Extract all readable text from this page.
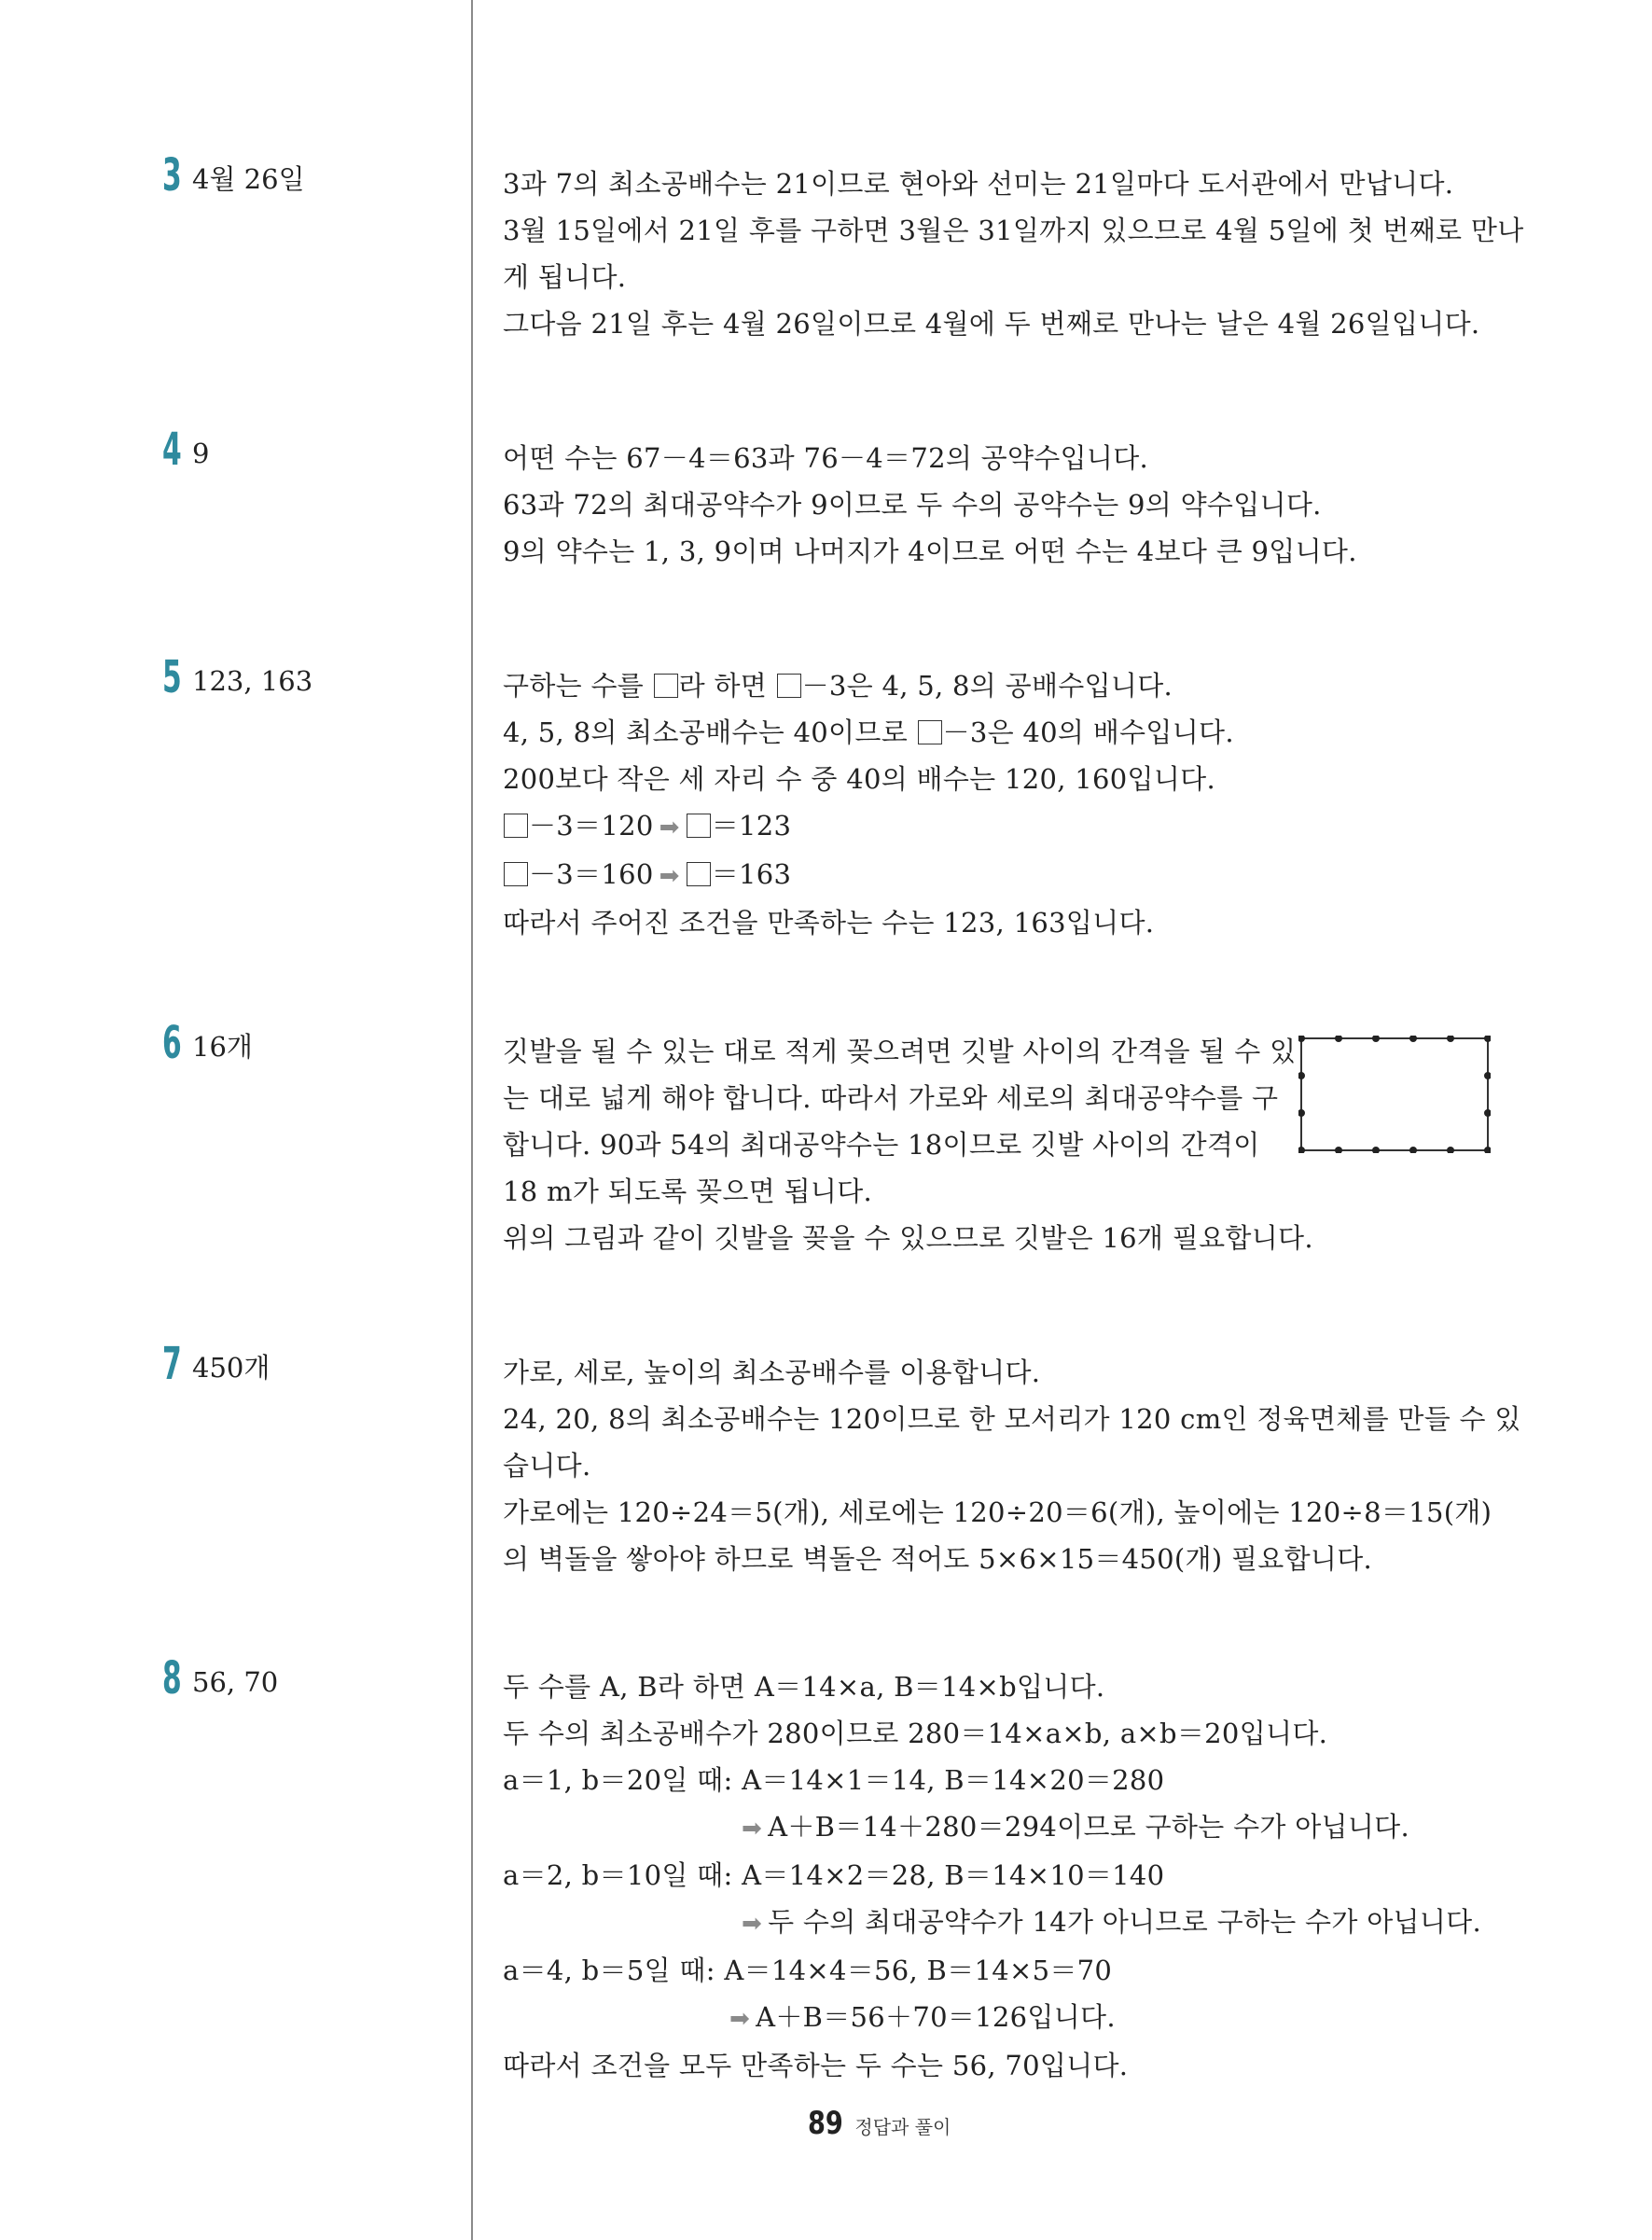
3 4월 26일	3과 7의 최소공배수는 21이므로 현아와 선미는 21일마다 도서관에서 만납니다.
3월 15일에서 21일 후를 구하면 3월은 31일까지 있으므로 4월 5일에 첫 번째로 만나
게 됩니다.
그다음 21일 후는 4월 26일이므로 4월에 두 번째로 만나는 날은 4월 26일입니다.
4 9	어떤 수는 67－4＝63과 76－4＝72의 공약수입니다.
63과 72의 최대공약수가 9이므로 두 수의 공약수는 9의 약수입니다.
9의 약수는 1, 3, 9이며 나머지가 4이므로 어떤 수는 4보다 큰 9입니다.
5 123, 163	구하는 수를 라 하면 －3은 4, 5, 8의 공배수입니다.
4, 5, 8의 최소공배수는 40이므로 －3은 40의 배수입니다.
200보다 작은 세 자리 수 중 40의 배수는 120, 160입니다.
－3＝120 ➡ ＝123
－3＝160 ➡ ＝163
따라서 주어진 조건을 만족하는 수는 123, 163입니다.
6 16개	깃발을 될 수 있는 대로 적게 꽂으려면 깃발 사이의 간격을 될 수 있
는 대로 넓게 해야 합니다. 따라서 가로와 세로의 최대공약수를 구
합니다. 90과 54의 최대공약수는 18이므로 깃발 사이의 간격이
18 m가 되도록 꽂으면 됩니다.
위의 그림과 같이 깃발을 꽂을 수 있으므로 깃발은 16개 필요합니다.
7 450개	가로, 세로, 높이의 최소공배수를 이용합니다.
24, 20, 8의 최소공배수는 120이므로 한 모서리가 120 cm인 정육면체를 만들 수 있
습니다.
가로에는 120÷24＝5(개), 세로에는 120÷20＝6(개), 높이에는 120÷8＝15(개)
의 벽돌을 쌓아야 하므로 벽돌은 적어도 5×6×15＝450(개) 필요합니다.
8 56, 70	두 수를 A, B라 하면 A＝14×a, B＝14×b입니다.
두 수의 최소공배수가 280이므로 280＝14×a×b, a×b＝20입니다.
a＝1, b＝20일 때: A＝14×1＝14, B＝14×20＝280
➡ A＋B＝14＋280＝294이므로 구하는 수가 아닙니다.
a＝2, b＝10일 때: A＝14×2＝28, B＝14×10＝140
➡ 두 수의 최대공약수가 14가 아니므로 구하는 수가 아닙니다.
a＝4, b＝5일 때: A＝14×4＝56, B＝14×5＝70
➡ A＋B＝56＋70＝126입니다.
따라서 조건을 모두 만족하는 두 수는 56, 70입니다.
89 정답과 풀이
